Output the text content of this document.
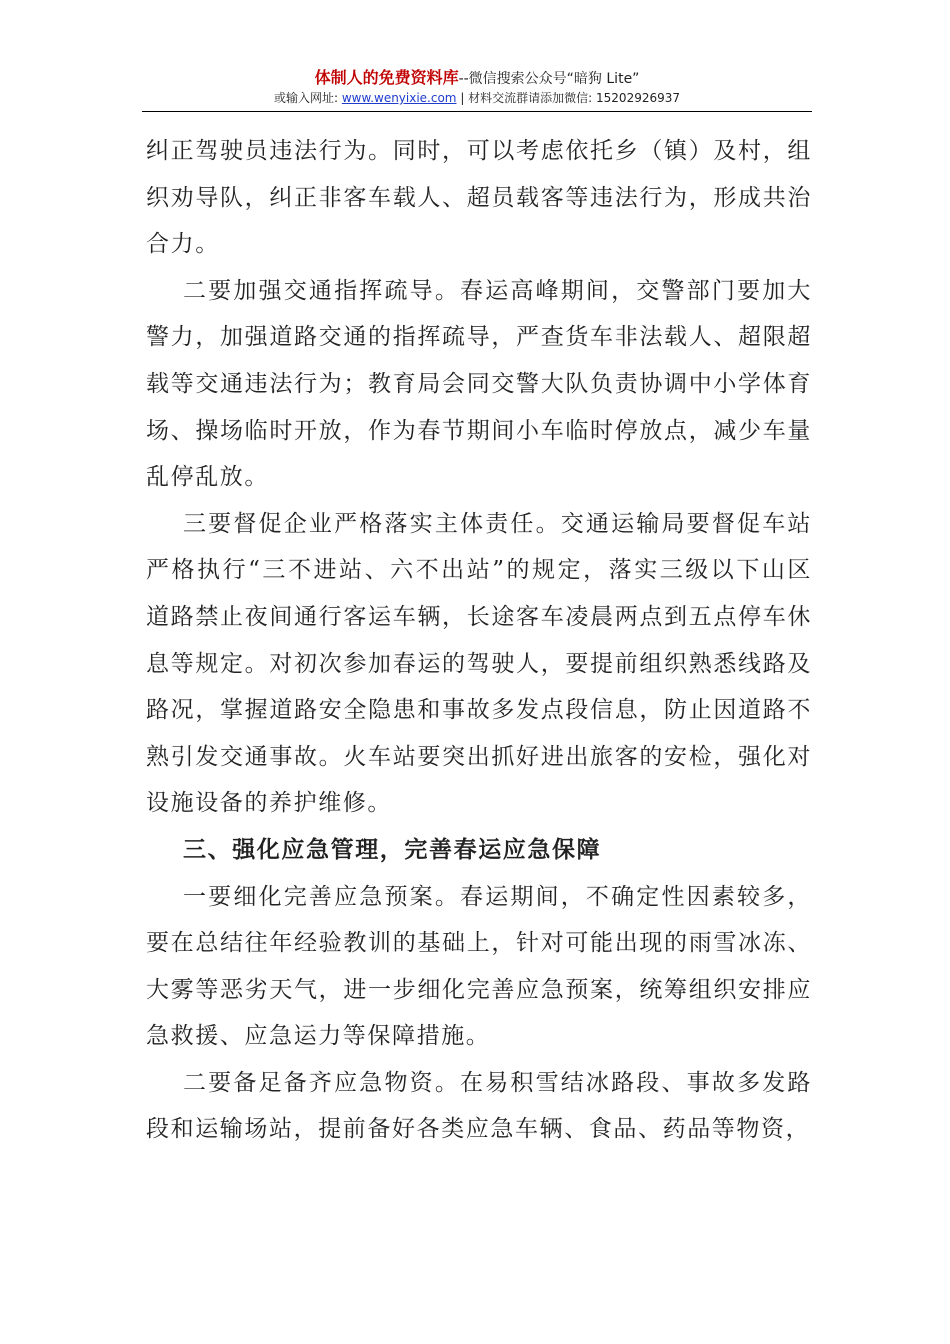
体制人的免费资料库--微信搜索公众号“暗狗 Lite”
或输入网址: www.wenyixie.com | 材料交流群请添加微信: 15202926937

纠正驾驶员违法行为。同时，可以考虑依托乡（镇）及村，组织劝导队，纠正非客车载人、超员载客等违法行为，形成共治合力。

二要加强交通指挥疏导。春运高峰期间，交警部门要加大警力，加强道路交通的指挥疏导，严查货车非法载人、超限超载等交通违法行为；教育局会同交警大队负责协调中小学体育场、操场临时开放，作为春节期间小车临时停放点，减少车量乱停乱放。

三要督促企业严格落实主体责任。交通运输局要督促车站严格执行“三不进站、六不出站”的规定，落实三级以下山区道路禁止夜间通行客运车辆，长途客车凌晨两点到五点停车休息等规定。对初次参加春运的驾驶人，要提前组织熟悉线路及路况，掌握道路安全隐患和事故多发点段信息，防止因道路不熟引发交通事故。火车站要突出抓好进出旅客的安检，强化对设施设备的养护维修。

三、强化应急管理，完善春运应急保障

一要细化完善应急预案。春运期间，不确定性因素较多，要在总结往年经验教训的基础上，针对可能出现的雨雪冰冻、大雾等恶劣天气，进一步细化完善应急预案，统筹组织安排应急救援、应急运力等保障措施。

二要备足备齐应急物资。在易积雪结冰路段、事故多发路段和运输场站，提前备好各类应急车辆、食品、药品等物资，
